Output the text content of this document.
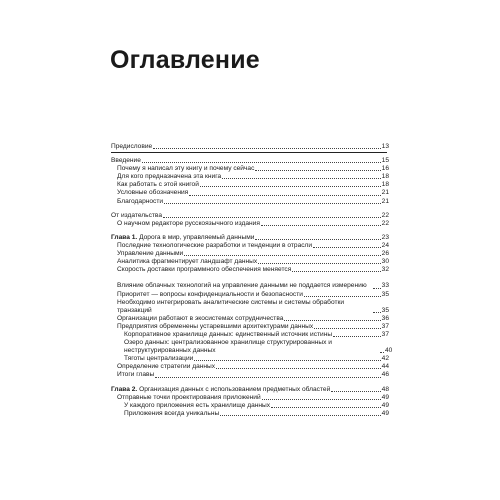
Оглавление
Предисловие	13
Введение	15
Почему я написал эту книгу и почему сейчас	16
Для кого предназначена эта книга	18
Как работать с этой книгой	18
Условные обозначения	21
Благодарности	21
От издательства	22
О научном редакторе русскоязычного издания	22
Глава 1. Дорога в мир, управляемый данными	23
Последние технологические разработки и тенденции в отрасли	24
Управление данными	26
Аналитика фрагментирует ландшафт данных	30
Скорость доставки программного обеспечения меняется	32
Влияние облачных технологий на управление данными не поддается измерению	33
Приоритет — вопросы конфиденциальности и безопасности	35
Необходимо интегрировать аналитические системы и системы обработки транзакций	35
Организации работают в экосистемах сотрудничества	36
Предприятия обременены устаревшими архитектурами данных	37
Корпоративное хранилище данных: единственный источник истины	37
Озеро данных: централизованное хранилище структурированных и неструктурированных данных	40
Тяготы централизации	42
Определение стратегии данных	44
Итоги главы	46
Глава 2. Организация данных с использованием предметных областей	48
Отправные точки проектирования приложений	49
У каждого приложения есть хранилище данных	49
Приложения всегда уникальны	49
